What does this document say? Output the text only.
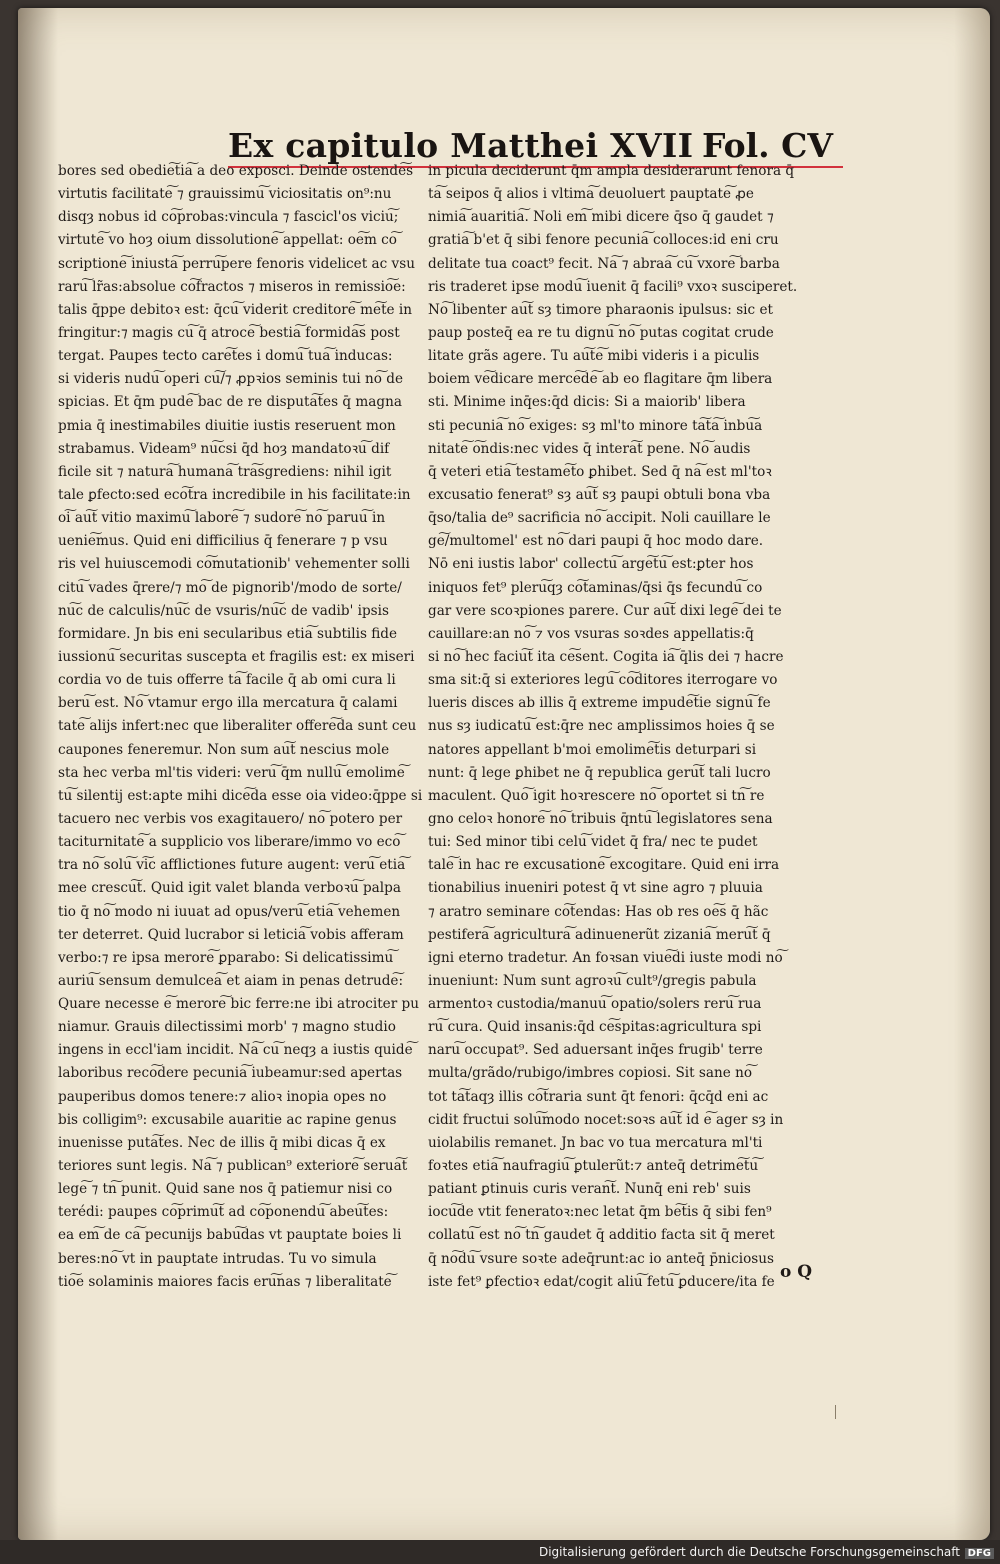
Ex capitulo Matthei XVII Fol. CV
bores sed obedie͠tia͠ a deo exposci. Deinde ostende͠s
virtutis facilitate͠ ⁊ grauissimu͠ viciositatis on⁹:nu
disqȝ nobus id co͠probas:vincula ⁊ fascicl'os viciu͠;
virtute͠ vo hoȝ oium dissolutione͠ appellat: oe͠m co͠
scriptione͠ iniusta͠ perru͠pere fenoris videlicet ac vsu
raru͠ lr̃as:absolue co͠fractos ⁊ miseros in remissio͠e:
talis q̄ppe debitoꝛ est: q̄cu͠ viderit creditore͠ me͠te in
fringitur:⁊ magis cu͠ q̄ atroce͠ bestia͠ formida͠s post
tergat. Paupes tecto care͠tes i domu͠ tua͠ inducas:
si videris nudu͠ operi cu͠/⁊ ꝓpꝛios seminis tui no͠ de
spicias. Et q̄m pude͠ bac de re disputa͠tes q̄ magna
pmia q̄ inestimabiles diuitie iustis reseruent mon
strabamus. Videam⁹ nu͠csi q̄d hoȝ mandatoꝛu͠ dif
ficile sit ⁊ natura͠ humana͠ tra͠sgrediens: nihil igit
tale ꝑfecto:sed eco͠tra incredibile in his facilitate:in
oi͠ au͠t vitio maximu͠ labore͠ ⁊ sudore͠ no͠ paruu͠ in
uenie͠mus. Quid eni difficilius q̄ fenerare ⁊ p vsu
ris vel huiuscemodi co͠mutationib' vehementer solli
citu͠ vades q̄rere/⁊ mo͠ de pignorib'/modo de sorte/
nu͠c de calculis/nu͠c de vsuris/nu͠c de vadib' ipsis
formidare. Jn bis eni secularibus etia͠ subtilis fide
iussionu͠ securitas suscepta et fragilis est: ex miseri
cordia vo de tuis offerre ta͠ facile q̄ ab omi cura li
beru͠ est. No͠ vtamur ergo illa mercatura q̄ calami
tate͠ alijs infert:nec que liberaliter offere͠da sunt ceu
caupones feneremur. Non sum au͠t nescius mole
sta hec verba ml'tis videri: veru͠ q̄m nullu͠ emolime͠
tu͠ silentij est:apte mihi dice͠da esse oia video:q̄ppe si
tacuero nec verbis vos exagitauero/ no͠ potero per
taciturnitate͠ a supplicio vos liberare/immo vo eco͠
tra no͠ solu͠ vi͠c afflictiones future augent: veru͠ etia͠
mee crescu͠t. Quid igit valet blanda verboꝛu͠ palpa
tio q̄ no͠ modo ni iuuat ad opus/veru͠ etia͠ vehemen
ter deterret. Quid lucrabor si leticia͠ vobis afferam
verbo:⁊ re ipsa merore͠ ꝑparabo: Si delicatissimu͠
auriu͠ sensum demulcea͠ et aiam in penas detrude͠:
Quare necesse e͠ merore͠ bic ferre:ne ibi atrociter pu
niamur. Grauis dilectissimi morb' ⁊ magno studio
ingens in eccl'iam incidit. Na͠ cu͠ neqȝ a iustis quide͠
laboribus reco͠dere pecunia͠ iubeamur:sed apertas
pauperibus domos tenere:⁊ alioꝛ inopia opes no
bis colligim⁹: excusabile auaritie ac rapine genus
inuenisse puta͠tes. Nec de illis q̄ mibi dicas q̄ ex
teriores sunt legis. Na͠ ⁊ publican⁹ exteriore͠ serua͠t
lege͠ ⁊ tn͠ punit. Quid sane nos q̄ patiemur nisi co
terédi: paupes co͠primu͠t ad co͠ponendu͠ abeu͠tes:
ea em͠ de ca͠ pecunijs babu͠das vt pauptate boies li
beres:no͠ vt in pauptate intrudas. Tu vo simula
tio͠e solaminis maiores facis eru͠nas ⁊ liberalitate͠
in picula deciderunt q̄m ampla desiderarunt fenora q̄
ta͠ seipos q̄ alios i vltima͠ deuoluert pauptate͠ ꝓe
nimia͠ auaritia͠. Noli em͠ mibi dicere q̄so q̄ gaudet ⁊
gratia͠ b'et q̄ sibi fenore pecunia͠ colloces:id eni cru
delitate tua coact⁹ fecit. Na͠ ⁊ abraa͠ cu͠ vxore͠ barba
ris traderet ipse modu͠ iuenit q̄ facili⁹ vxoꝛ susciperet.
No͠ libenter au͠t sȝ timore pharaonis ipulsus: sic et
paup posteq̄ ea re tu dignu͠ no͠ putas cogitat crude
litate grãs agere. Tu au͠te͠ mibi videris i a piculis
boiem ve͠dicare merce͠de͠ ab eo flagitare q̄m libera
sti. Minime inq̄es:q̄d dicis: Si a maiorib' libera
sti pecunia͠ no͠ exiges: sȝ ml'to minore ta͠ta͠ inbu͠a
nitate͠ o͠ndis:nec vides q̄ intera͠t pene. No͠ audis
q̄ veteri etia͠ testame͠to ꝑhibet. Sed q̄ na͠ est ml'toꝛ
excusatio fenerat⁹ sȝ au͠t sȝ paupi obtuli bona vba
q̄so/talia de⁹ sacrificia no͠ accipit. Noli cauillare le
ge͠/multomel' est no͠ dari paupi q̄ hoc modo dare.
Nō eni iustis labor' collectu͠ arge͠tu͠ est:ꝑter hos
iniquos fet⁹ pleru͠qȝ co͠taminas/q̄si q̄s fecundu͠ co
gar vere scoꝛpiones parere. Cur au͠t dixi lege͠ dei te
cauillare:an no͠ ⁊ vos vsuras soꝛdes appellatis:q̄
si no͠ hec faciu͠t ita ce͠sent. Cogita ia͠ q̄lis dei ⁊ hacre
sma sit:q̄ si exteriores legu͠ co͠ditores iterrogare vo
lueris disces ab illis q̄ extreme impude͠tie signu͠ fe
nus sȝ iudicatu͠ est:q̄re nec amplissimos hoies q̄ se
natores appellant b'moi emolime͠tis deturpari si
nunt: q̄ lege ꝑhibet ne q̄ republica geru͠t tali lucro
maculent. Quo͠ igit hoꝛrescere no͠ oportet si tn͠ re
gno celoꝛ honore͠ no͠ tribuis q̄ntu͠ legislatores sena
tui: Sed minor tibi celu͠ videt q̄ fra/ nec te pudet
tale͠ in hac re excusatione͠ excogitare. Quid eni irra
tionabilius inueniri potest q̄ vt sine agro ⁊ pluuia
⁊ aratro seminare co͠tendas: Has ob res oe͠s q̄ hãc
pestifera͠ agricultura͠ adinuenerũt zizania͠ meru͠t q̄
igni eterno tradetur. An foꝛsan viue͠di iuste modi no͠
inueniunt: Num sunt agroꝛu͠ cult⁹/gregis pabula
armentoꝛ custodia/manuu͠ opatio/solers reru͠ rua
ru͠ cura. Quid insanis:q̄d ce͠spitas:agricultura spi
naru͠ occupat⁹. Sed aduersant inq̄es frugib' terre
multa/grãdo/rubigo/imbres copiosi. Sit sane no͠
tot ta͠taqȝ illis co͠traria sunt q̄t fenori: q̄cq̄d eni ac
cidit fructui solu͠modo nocet:soꝛs au͠t id e͠ ager sȝ in
uiolabilis remanet. Jn bac vo tua mercatura ml'ti
foꝛtes etia͠ naufragiu͠ ꝑtulerũt:⁊ anteq̄ detrime͠tu͠
patiant ꝑtinuis curis veran͠t. Nunq̄ eni reb' suis
iocu͠de vtit feneratoꝛ:nec letat q̄m be͠tis q̄ sibi fen⁹
collatu͠ est no͠ tn͠ gaudet q̄ additio facta sit q̄ meret
q̄ no͠du͠ vsure soꝛte adeq̄runt:ac io anteq̄ p̄niciosus
iste fet⁹ ꝑfectioꝛ edat/cogit aliu͠ fetu͠ ꝑducere/ita fe o Q
Digitalisierung gefördert durch die Deutsche Forschungsgemeinschaft DFG
